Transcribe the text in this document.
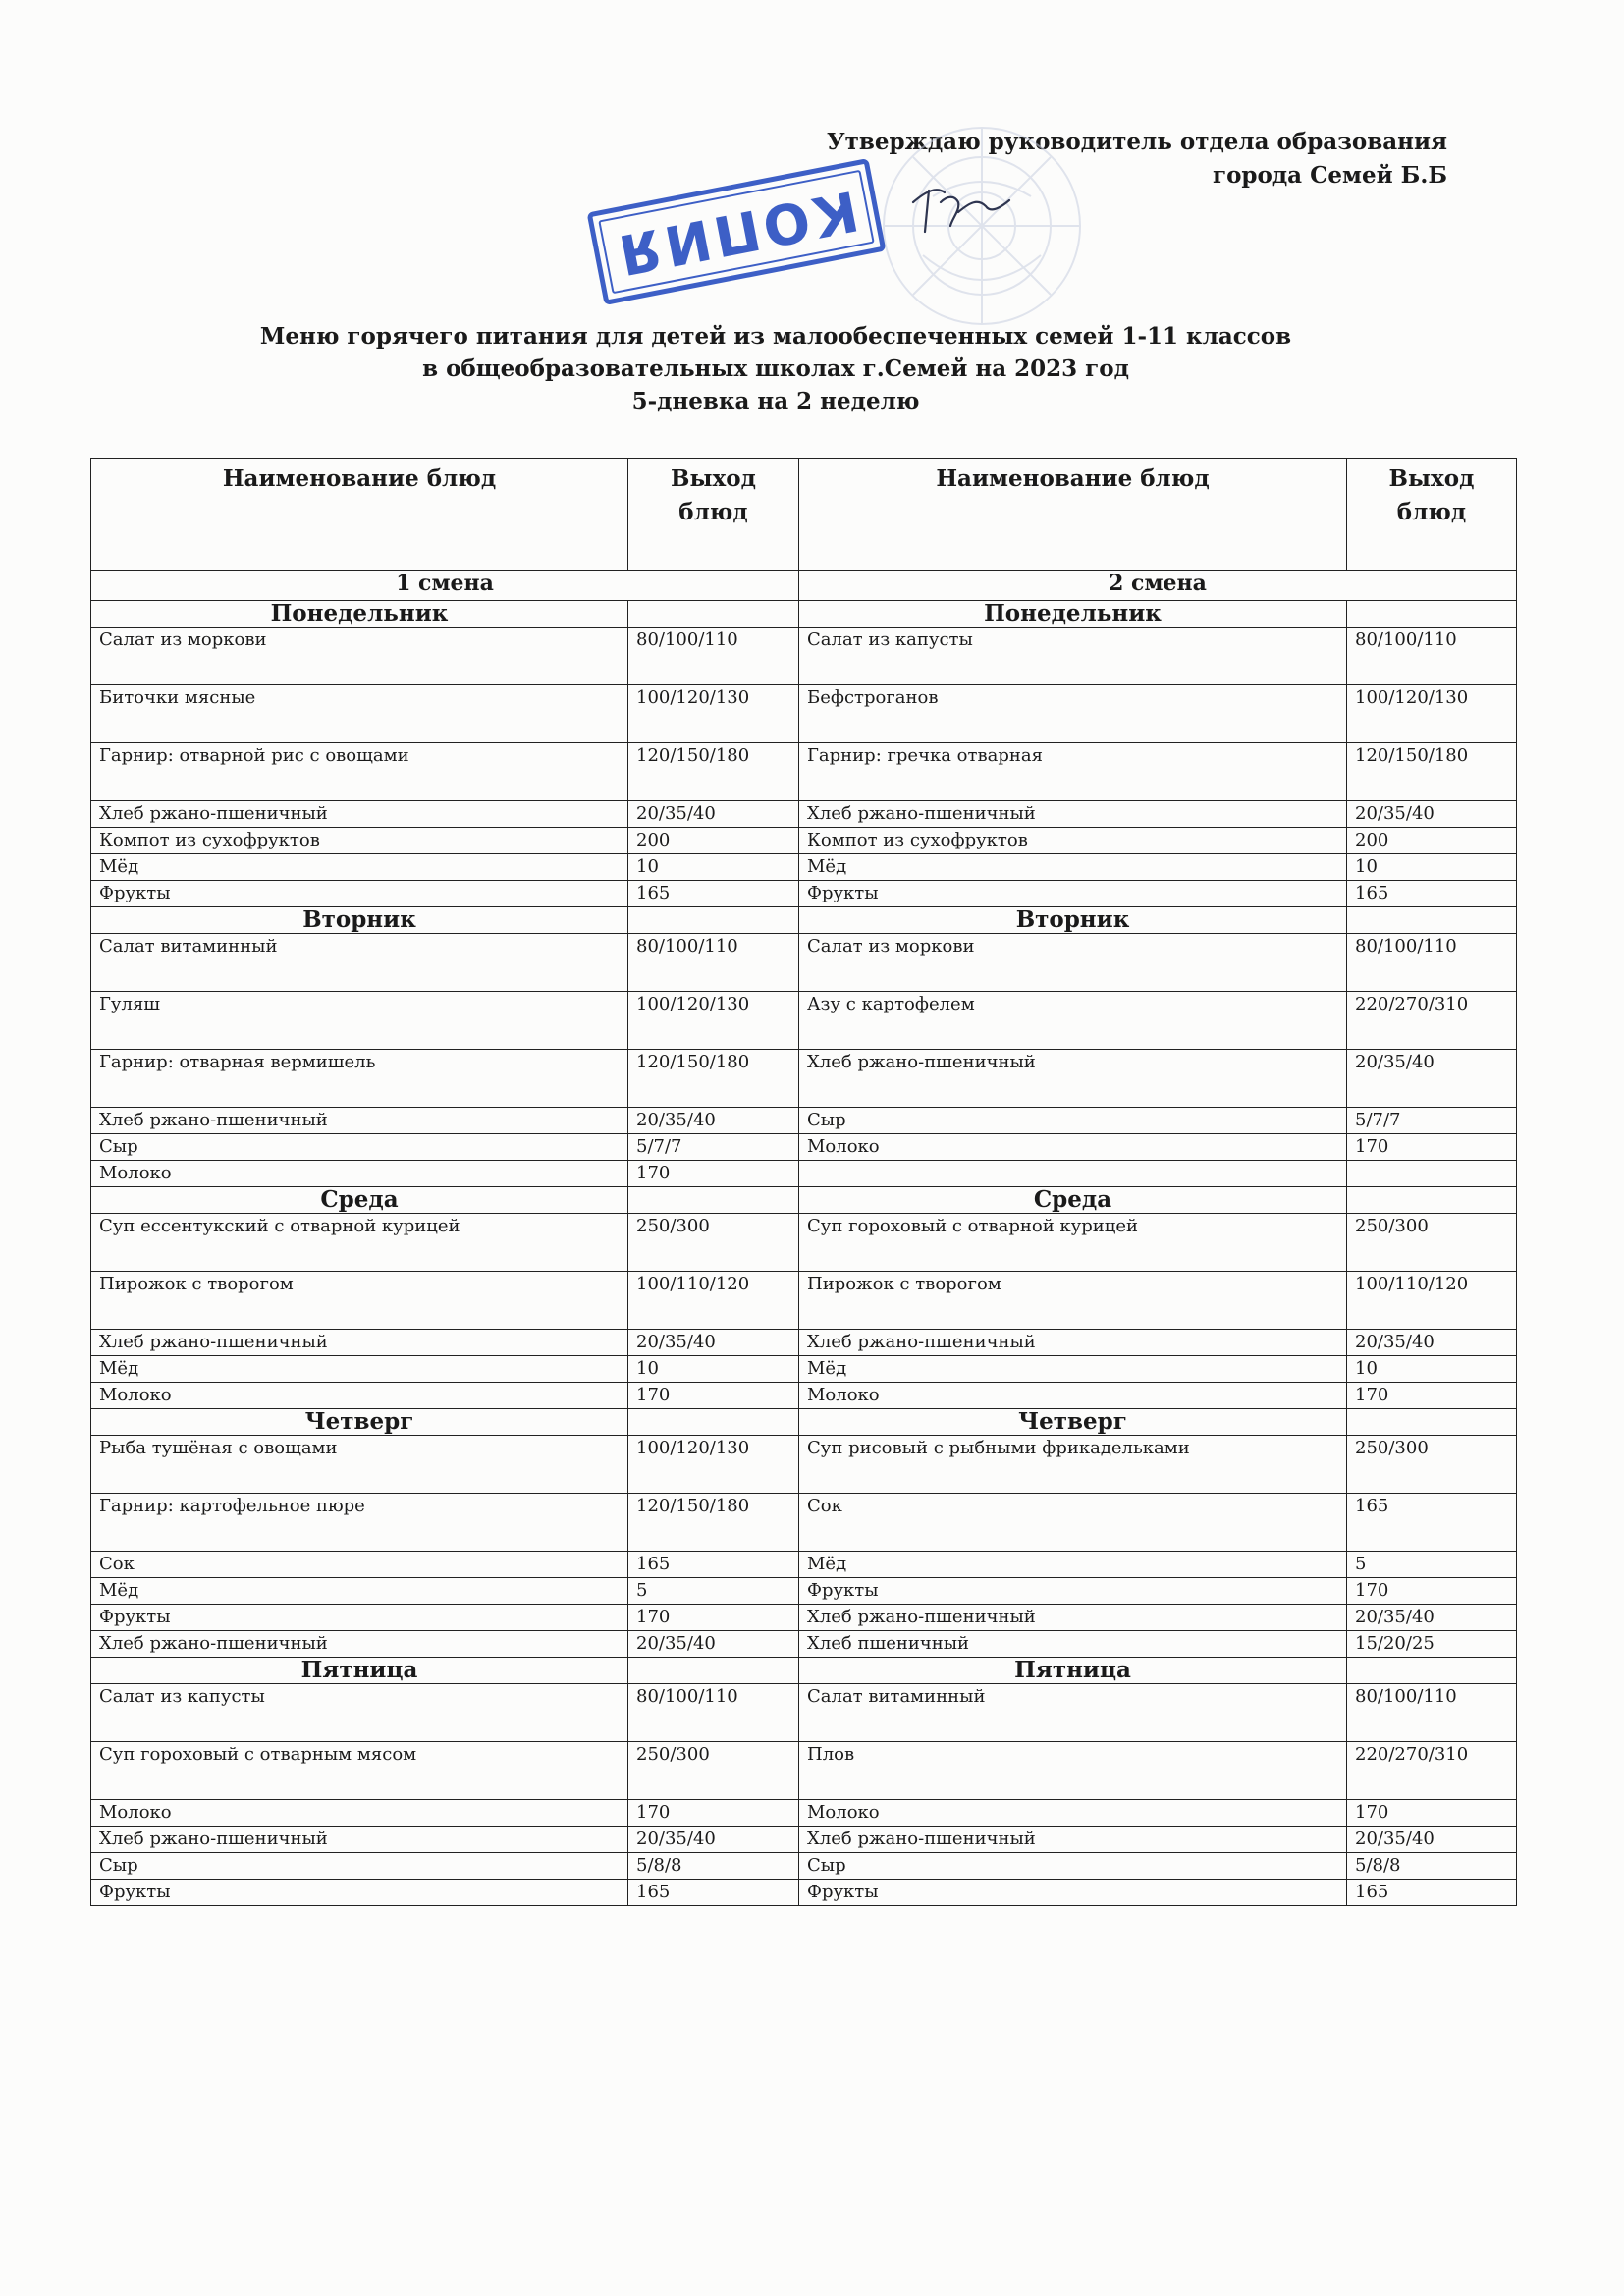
Утверждаю руководитель отдела образования
города Семей Б.Б
КОПИЯ
Меню горячего питания для детей из малообеспеченных семей 1-11 классов
в общеобразовательных школах г.Семей на 2023 год
5-дневка на 2 неделю
Наименование блюд	Выход блюд	Наименование блюд	Выход блюд
1 смена		2 смена	
Понедельник		Понедельник	
Салат из моркови	80/100/110	Салат из капусты	80/100/110
Биточки мясные	100/120/130	Бефстроганов	100/120/130
Гарнир: отварной рис с овощами	120/150/180	Гарнир: гречка отварная	120/150/180
Хлеб ржано-пшеничный	20/35/40	Хлеб ржано-пшеничный	20/35/40
Компот из сухофруктов	200	Компот из сухофруктов	200
Мёд	10	Мёд	10
Фрукты	165	Фрукты	165
Вторник		Вторник	
Салат витаминный	80/100/110	Салат из моркови	80/100/110
Гуляш	100/120/130	Азу с картофелем	220/270/310
Гарнир: отварная вермишель	120/150/180	Хлеб ржано-пшеничный	20/35/40
Хлеб ржано-пшеничный	20/35/40	Сыр	5/7/7
Сыр	5/7/7	Молоко	170
Молоко	170		
Среда		Среда	
Суп ессентукский с отварной курицей	250/300	Суп гороховый с отварной курицей	250/300
Пирожок с творогом	100/110/120	Пирожок с творогом	100/110/120
Хлеб ржано-пшеничный	20/35/40	Хлеб ржано-пшеничный	20/35/40
Мёд	10	Мёд	10
Молоко	170	Молоко	170
Четверг		Четверг	
Рыба тушёная с овощами	100/120/130	Суп рисовый с рыбными фрикадельками	250/300
Гарнир: картофельное пюре	120/150/180	Сок	165
Сок	165	Мёд	5
Мёд	5	Фрукты	170
Фрукты	170	Хлеб ржано-пшеничный	20/35/40
Хлеб ржано-пшеничный	20/35/40	Хлеб пшеничный	15/20/25
Пятница		Пятница	
Салат из капусты	80/100/110	Салат витаминный	80/100/110
Суп гороховый с отварным мясом	250/300	Плов	220/270/310
Молоко	170	Молоко	170
Хлеб ржано-пшеничный	20/35/40	Хлеб ржано-пшеничный	20/35/40
Сыр	5/8/8	Сыр	5/8/8
Фрукты	165	Фрукты	165
